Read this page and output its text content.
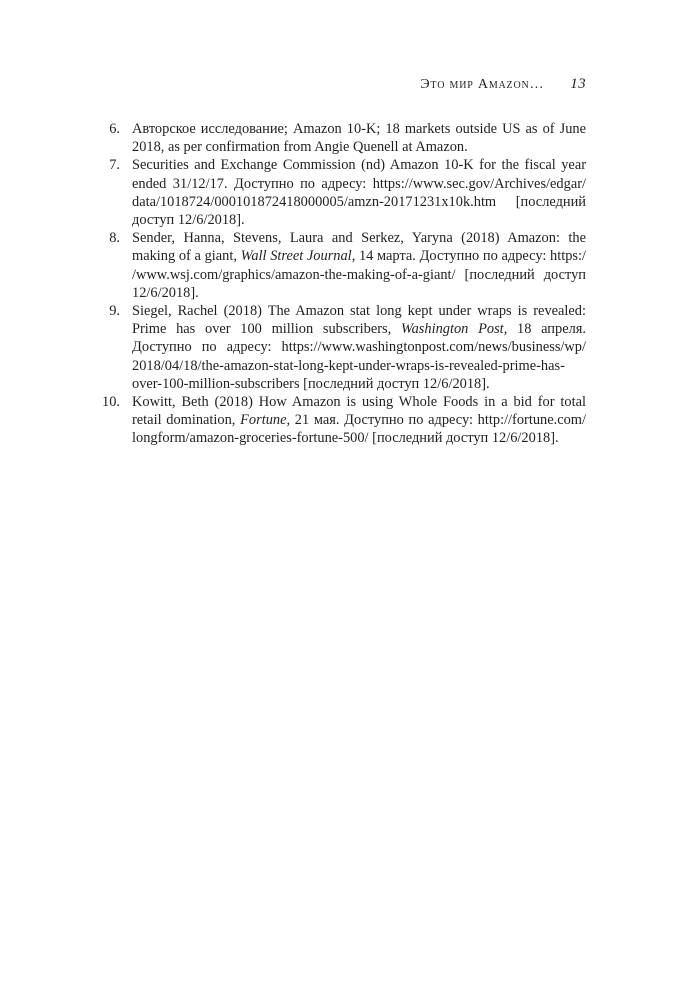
Это мир Amazon… 13
6. Авторское исследование; Amazon 10-K; 18 markets outside US as of June 2018, as per confirmation from Angie Quenell at Amazon.
7. Securities and Exchange Commission (nd) Amazon 10-K for the fiscal year ended 31/​12/​17. Доступно по адресу: https:/​/​www.sec.gov/​Archives/​edgar/​data/​1018724/​000101872418000005/​amzn-20171231x10k.htm [последний доступ 12/​6/​2018].
8. Sender, Hanna, Stevens, Laura and Serkez, Yaryna (2018) Amazon: the making of a giant, Wall Street Journal, 14 марта. Доступно по адресу: https:/​/​www.wsj.com/​graphics/​amazon-the-making-of-a-giant/​ [последний доступ 12/​6/​2018].
9. Siegel, Rachel (2018) The Amazon stat long kept under wraps is revealed: Prime has over 100 million subscribers, Washington Post, 18 апреля. Доступно по адресу: https:/​/​www.washingtonpost.com/​news/​business/​wp/​2018/​04/​18/​the-amazon-stat-long-kept-under-wraps-is-revealed-prime-has-over-100-million-subscribers [последний доступ 12/​6/​2018].
10. Kowitt, Beth (2018) How Amazon is using Whole Foods in a bid for total retail domination, Fortune, 21 мая. Доступно по адресу: http:/​/​fortune.com/​longform/​amazon-groceries-fortune-500/​ [последний доступ 12/​6/​2018].
